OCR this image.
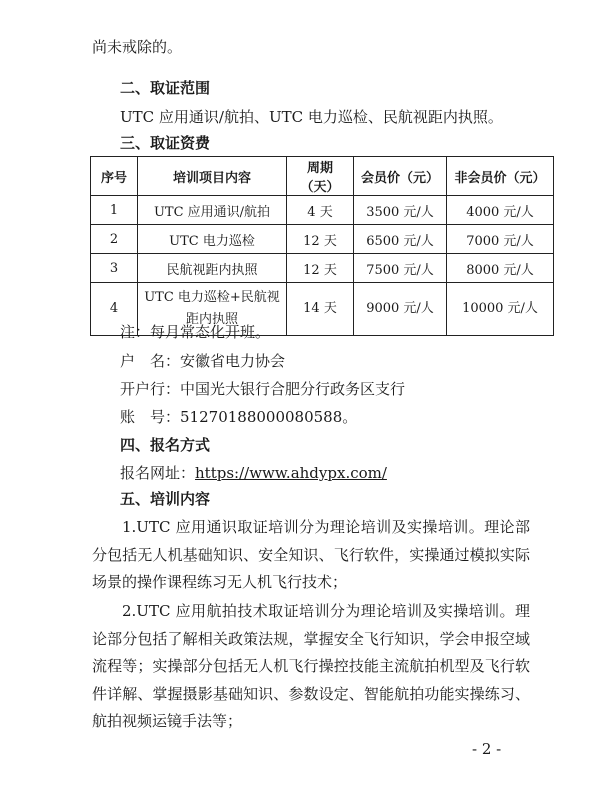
尚未戒除的。
二、取证范围
UTC 应用通识/航拍、UTC 电力巡检、民航视距内执照。
三、取证资费
序号	培训项目内容	周期（天）	会员价（元）	非会员价（元）
1	UTC 应用通识/航拍	4 天	3500 元/人	4000 元/人
2	UTC 电力巡检	12 天	6500 元/人	7000 元/人
3	民航视距内执照	12 天	7500 元/人	8000 元/人
4	UTC 电力巡检+民航视距内执照	14 天	9000 元/人	10000 元/人
注：每月常态化开班。
户　名：安徽省电力协会
开户行：中国光大银行合肥分行政务区支行
账　号：51270188000080588。
四、报名方式
报名网址：https://www.ahdypx.com/
五、培训内容
1.UTC 应用通识取证培训分为理论培训及实操培训。理论部分包括无人机基础知识、安全知识、飞行软件，实操通过模拟实际场景的操作课程练习无人机飞行技术；
2.UTC 应用航拍技术取证培训分为理论培训及实操培训。理论部分包括了解相关政策法规，掌握安全飞行知识，学会申报空域流程等；实操部分包括无人机飞行操控技能主流航拍机型及飞行软件详解、掌握摄影基础知识、参数设定、智能航拍功能实操练习、航拍视频运镜手法等；
- 2 -
